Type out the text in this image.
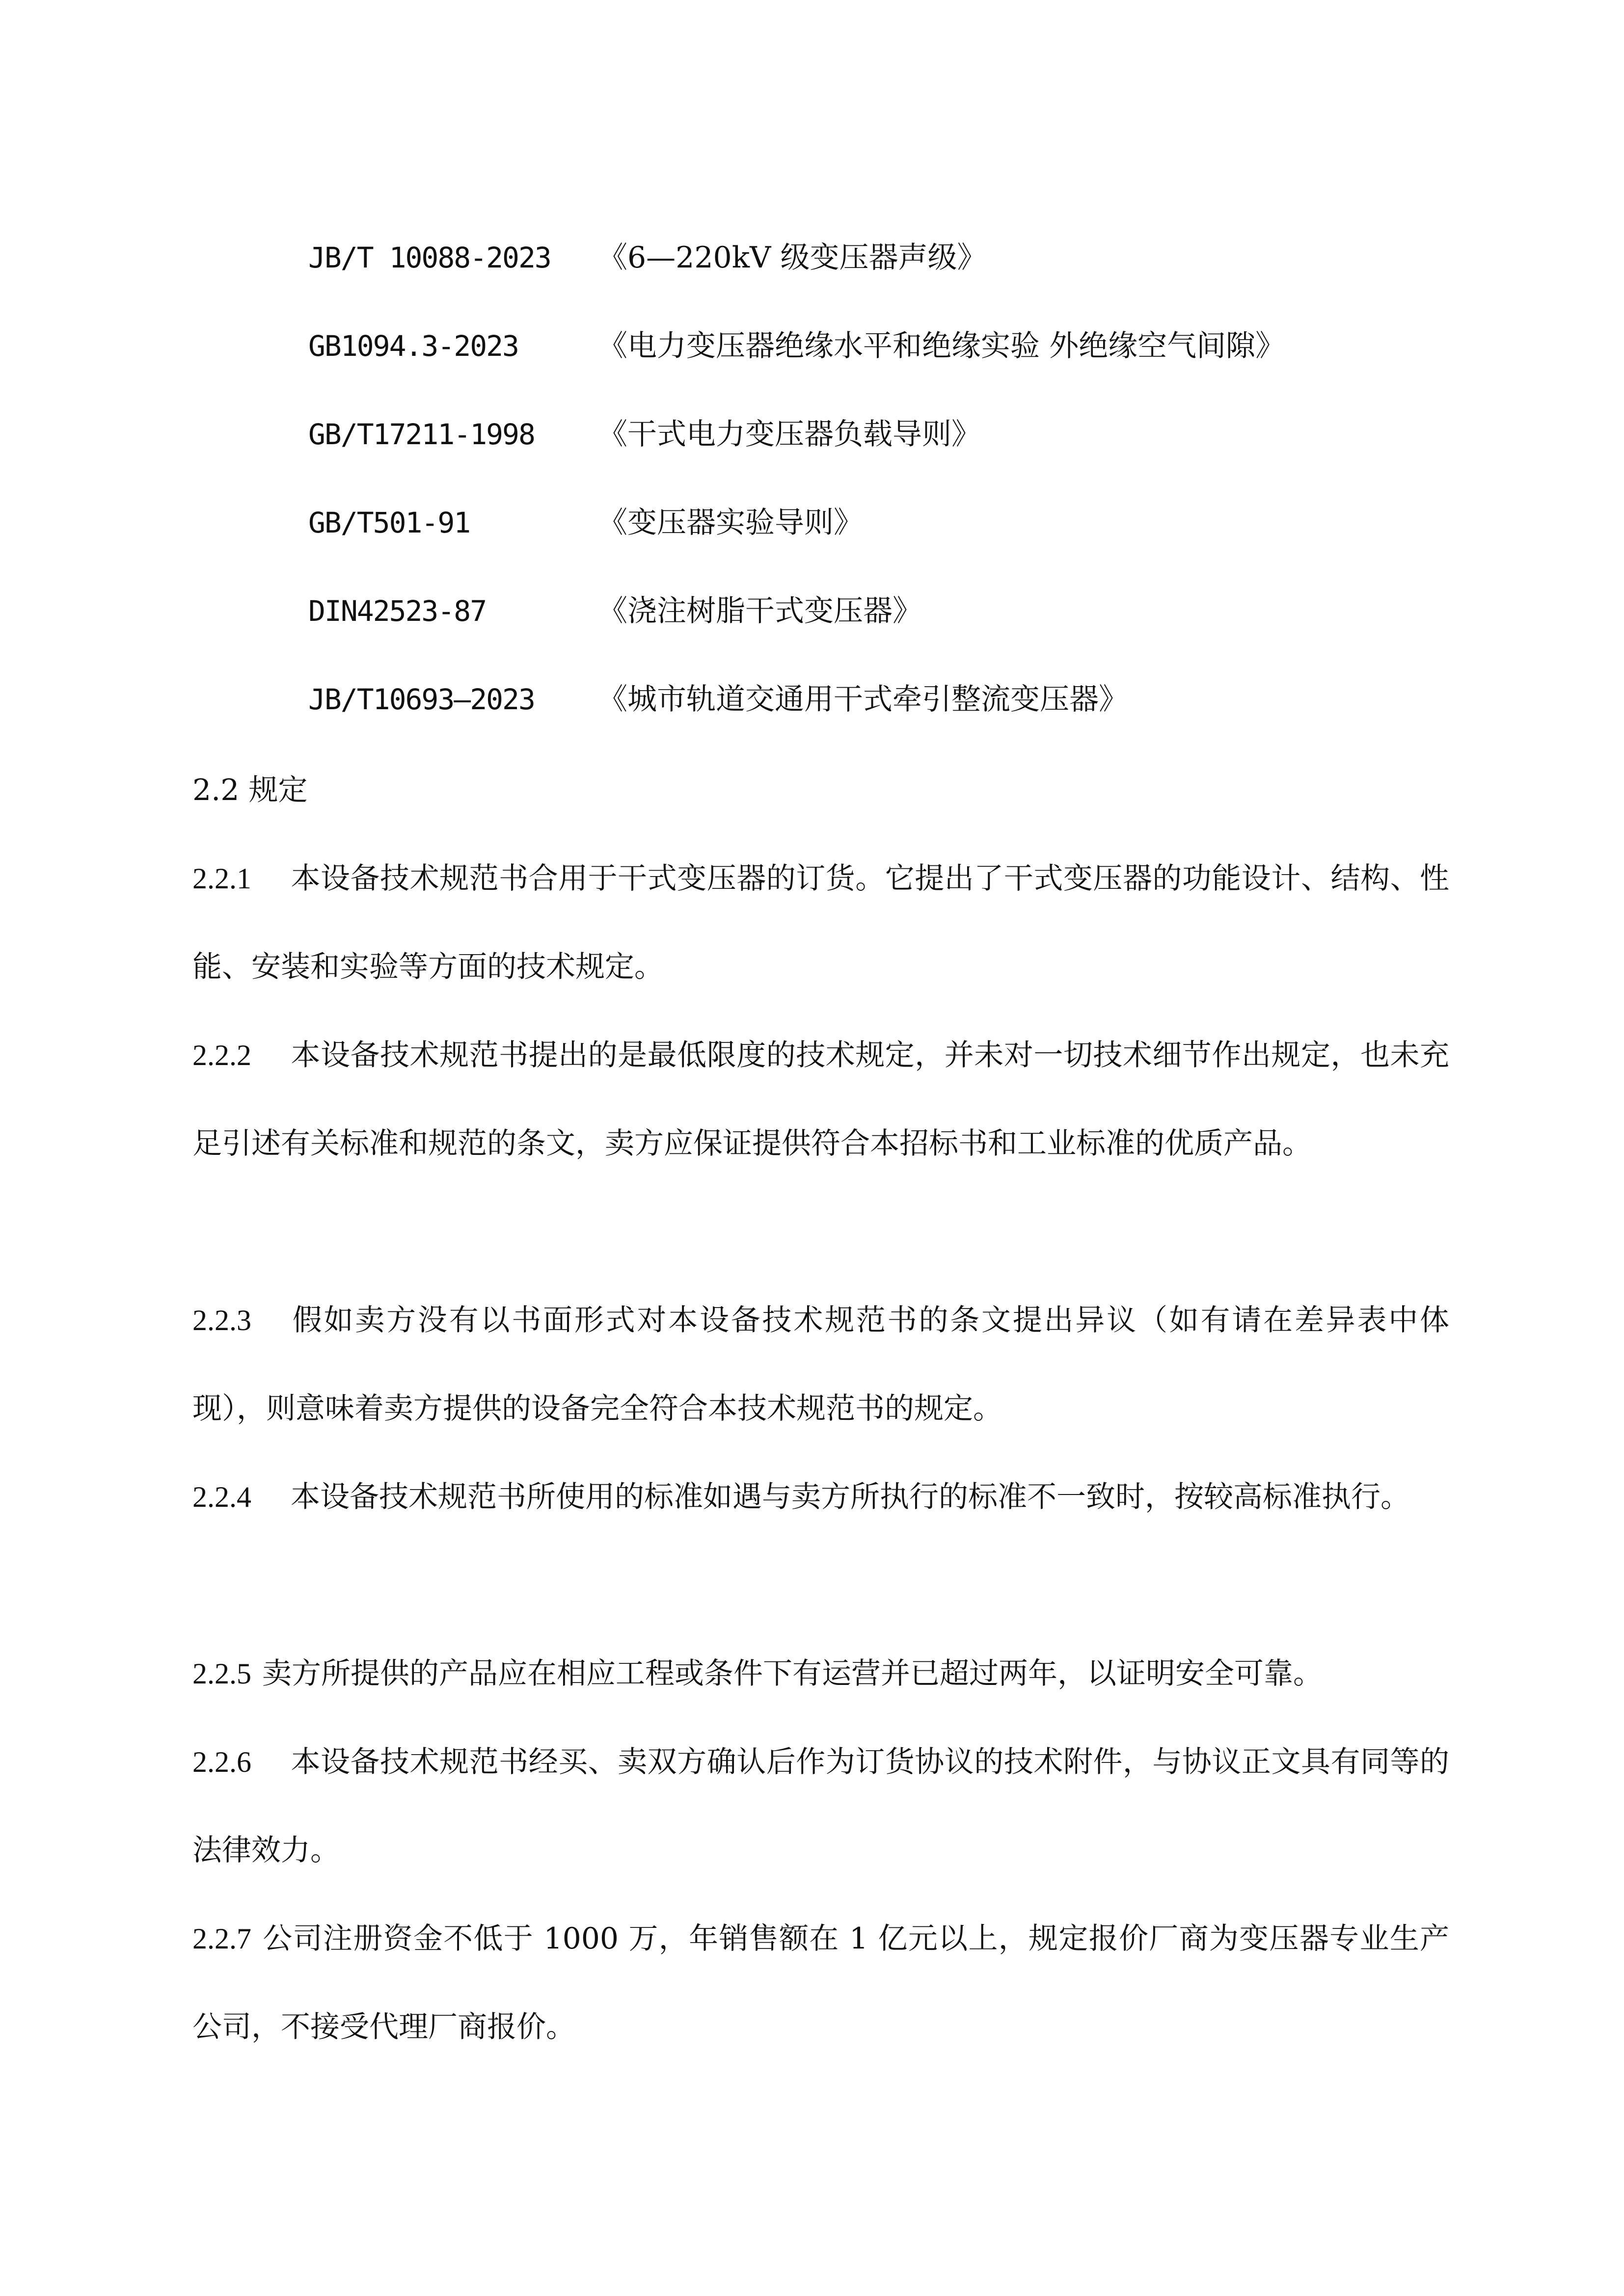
JB/T 10088-2023 《6—220kV 级变压器声级》
GB1094.3-2023	《电力变压器绝缘水平和绝缘实验 外绝缘空气间隙》
GB/T17211-1998 《干式电力变压器负载导则》
GB/T501-91	《变压器实验导则》
DIN42523-87	《浇注树脂干式变压器》
JB/T10693—2023 《城市轨道交通用干式牵引整流变压器》
2.2 规定
2.2.1 本设备技术规范书合用于干式变压器的订货。它提出了干式变压器的功能设计、结构、性能、安装和实验等方面的技术规定。
2.2.2 本设备技术规范书提出的是最低限度的技术规定，并未对一切技术细节作出规定，也未充足引述有关标准和规范的条文，卖方应保证提供符合本招标书和工业标准的优质产品。
2.2.3 假如卖方没有以书面形式对本设备技术规范书的条文提出异议（如有请在差异表中体现），则意味着卖方提供的设备完全符合本技术规范书的规定。
2.2.4 本设备技术规范书所使用的标准如遇与卖方所执行的标准不一致时，按较高标准执行。
2.2.5 卖方所提供的产品应在相应工程或条件下有运营并已超过两年，以证明安全可靠。
2.2.6 本设备技术规范书经买、卖双方确认后作为订货协议的技术附件，与协议正文具有同等的法律效力。
2.2.7 公司注册资金不低于 1000 万，年销售额在 1 亿元以上，规定报价厂商为变压器专业生产公司，不接受代理厂商报价。
